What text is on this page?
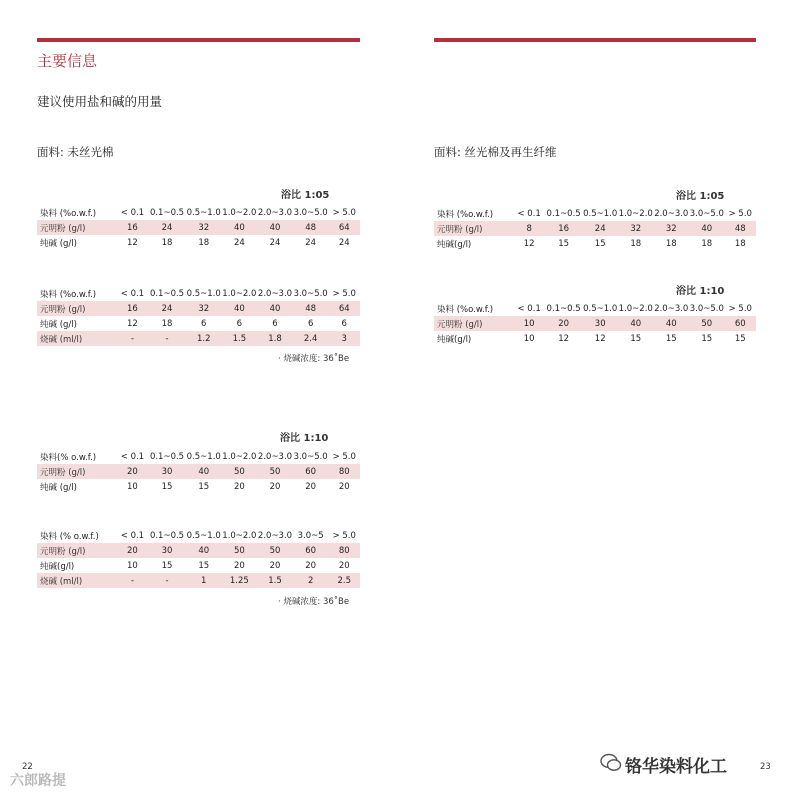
主要信息
建议使用盐和碱的用量
面料: 未丝光棉	面料: 丝光棉及再生纤维
浴比 1:05
染料 (%o.w.f.)	< 0.1	0.1~0.5	0.5~1.0	1.0~2.0	2.0~3.0	3.0~5.0	> 5.0
元明粉 (g/l)	16	24	32	40	40	48	64
纯碱 (g/l)	12	18	18	24	24	24	24
染料 (%o.w.f.)	< 0.1	0.1~0.5	0.5~1.0	1.0~2.0	2.0~3.0	3.0~5.0	> 5.0
元明粉 (g/l)	16	24	32	40	40	48	64
纯碱 (g/l)	12	18	6	6	6	6	6
烧碱 (ml/l)	-	-	1.2	1.5	1.8	2.4	3
· 烧碱浓度: 36˚Be
浴比 1:10
染料(% o.w.f.)	< 0.1	0.1~0.5	0.5~1.0	1.0~2.0	2.0~3.0	3.0~5.0	> 5.0
元明粉 (g/l)	20	30	40	50	50	60	80
纯碱 (g/l)	10	15	15	20	20	20	20
染料 (% o.w.f.)	< 0.1	0.1~0.5	0.5~1.0	1.0~2.0	2.0~3.0	3.0~5	> 5.0
元明粉 (g/l)	20	30	40	50	50	60	80
纯碱(g/l)	10	15	15	20	20	20	20
烧碱 (ml/l)	-	-	1	1.25	1.5	2	2.5
· 烧碱浓度: 36˚Be
浴比 1:05
染料 (%o.w.f.)	< 0.1	0.1~0.5	0.5~1.0	1.0~2.0	2.0~3.0	3.0~5.0	> 5.0
元明粉 (g/l)	8	16	24	32	32	40	48
纯碱(g/l)	12	15	15	18	18	18	18
浴比 1:10
染料 (%o.w.f.)	< 0.1	0.1~0.5	0.5~1.0	1.0~2.0	2.0~3.0	3.0~5.0	> 5.0
元明粉 (g/l)	10	20	30	40	40	50	60
纯碱(g/l)	10	12	12	15	15	15	15
22	23
六郎路提
铬华染料化工
